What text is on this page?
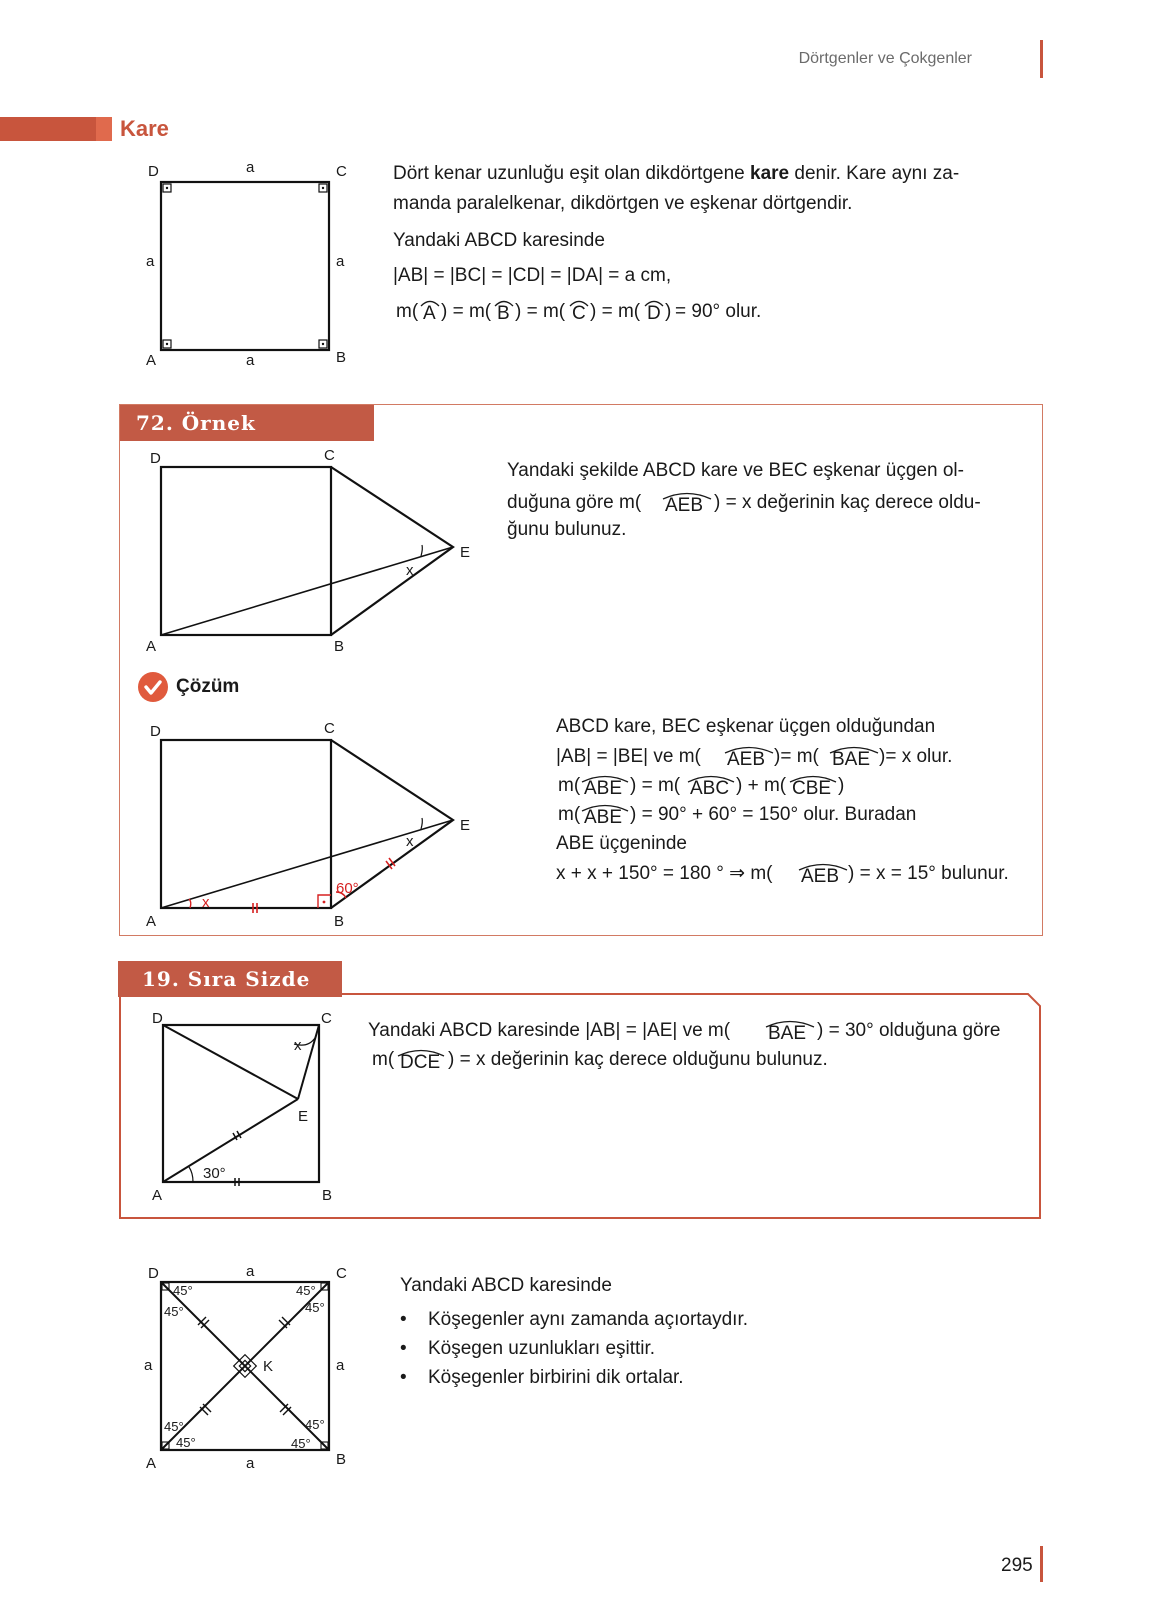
Dörtgenler ve Çokgenler
Kare
D	C
A	B
a
a
a	a
Dört kenar uzunluğu eşit olan dikdörtgene kare denir. Kare aynı za-
manda paralelkenar, dikdörtgen ve eşkenar dörtgendir.
Yandaki ABCD karesinde
|AB| = |BC| = |CD| = |DA| = a cm,
m( A ) = m( B ) = m( C ) = m( D ) = 90° olur.
72. Örnek
D	C
A	B
E
x
Yandaki şekilde ABCD kare ve BEC eşkenar üçgen ol-
duğuna göre m( AEB ) = x değerinin kaç derece oldu-
ğunu bulunuz.
Çözüm
D	C
A	B
E
x
x
60°
ABCD kare, BEC eşkenar üçgen olduğundan
|AB| = |BE| ve m( AEB )= m( BAE )= x olur.
m( ABE ) = m( ABC ) + m( CBE )
m( ABE ) = 90° + 60° = 150° olur. Buradan
ABE üçgeninde
x + x + 150° = 180 ° ⇒ m( AEB ) = x = 15° bulunur.
19. Sıra Sizde
D	C
A	B
E
x
30°
Yandaki ABCD karesinde |AB| = |AE| ve m( BAE ) = 30° olduğuna göre
m( DCE ) = x değerinin kaç derece olduğunu bulunuz.
45°
45°
45°
45°
45°
45°
45°
45°
K
D	C
A	B
a
a
a	a
Yandaki ABCD karesinde
• Köşegenler aynı zamanda açıortaydır.
• Köşegen uzunlukları eşittir.
• Köşegenler birbirini dik ortalar.
295
